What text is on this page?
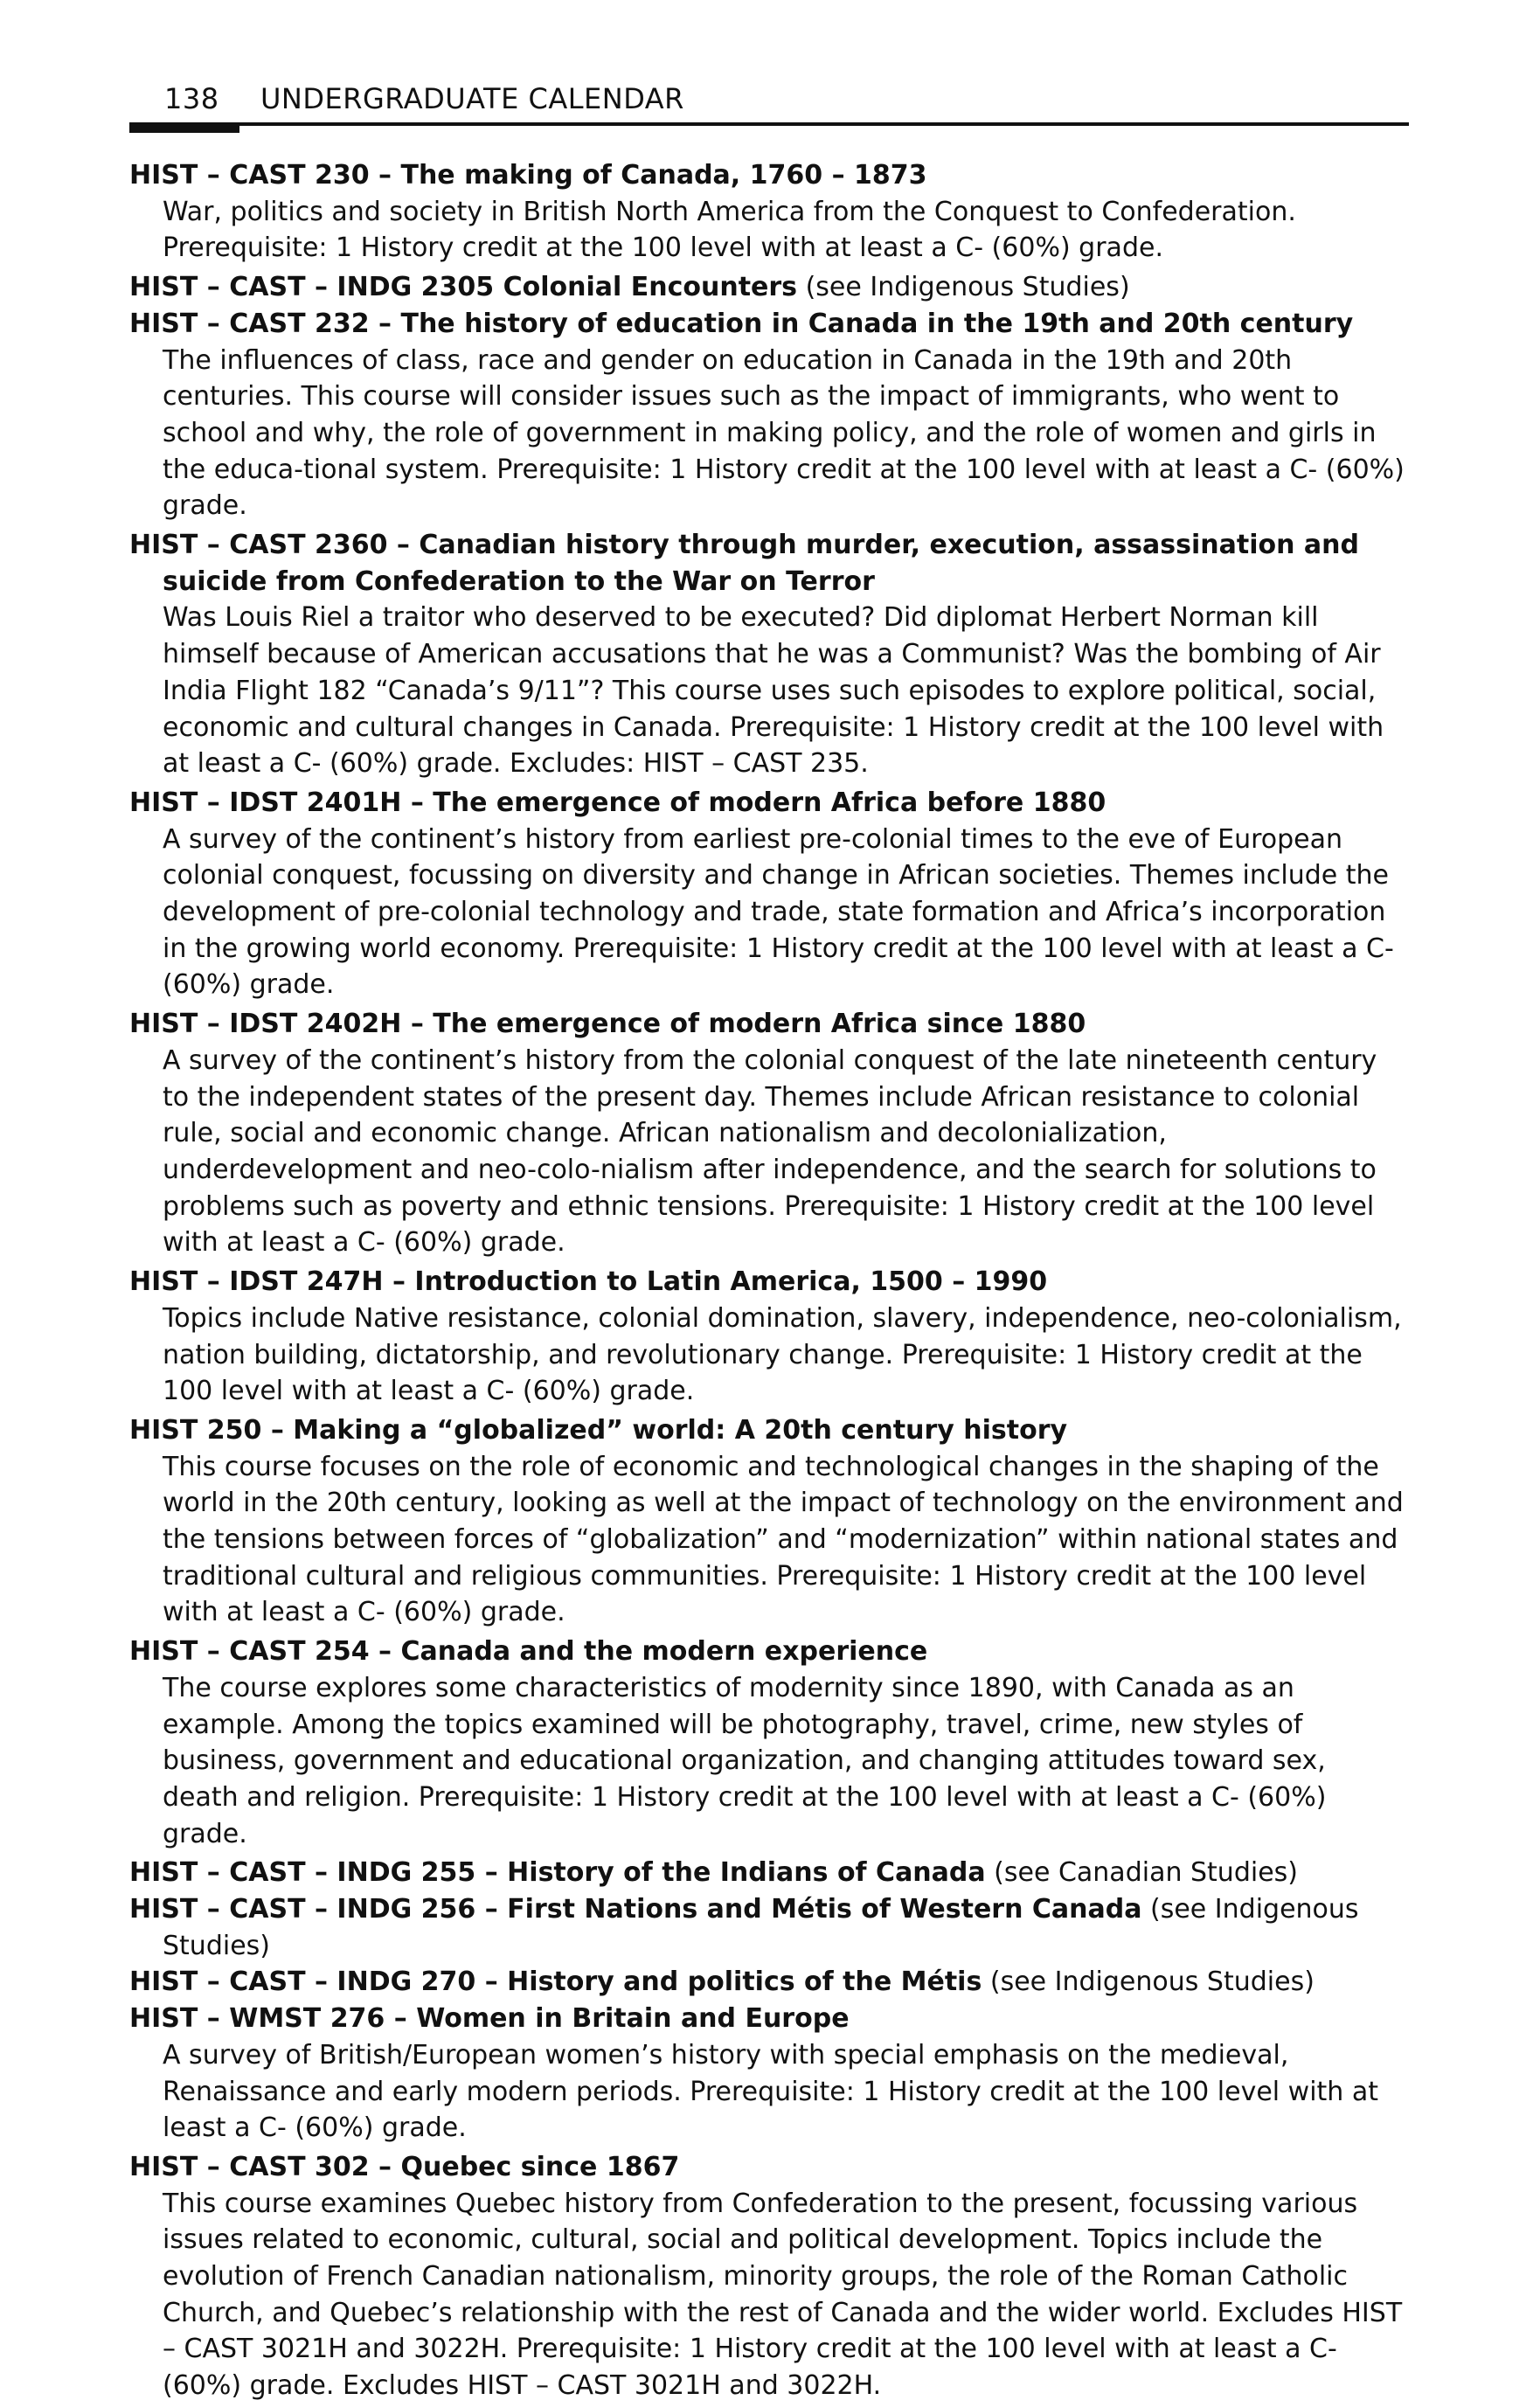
138 UNDERGRADUATE CALENDAR
HIST – CAST 230 – The making of Canada, 1760 – 1873
War, politics and society in British North America from the Conquest to Confederation. Prerequisite: 1 History credit at the 100 level with at least a C- (60%) grade.
HIST – CAST – INDG 2305 Colonial Encounters (see Indigenous Studies)
HIST – CAST 232 – The history of education in Canada in the 19th and 20th century
The influences of class, race and gender on education in Canada in the 19th and 20th centuries. This course will consider issues such as the impact of immigrants, who went to school and why, the role of government in making policy, and the role of women and girls in the educa-tional system. Prerequisite: 1 History credit at the 100 level with at least a C- (60%) grade.
HIST – CAST 2360 – Canadian history through murder, execution, assassination and suicide from Confederation to the War on Terror
Was Louis Riel a traitor who deserved to be executed? Did diplomat Herbert Norman kill himself because of American accusations that he was a Communist? Was the bombing of Air India Flight 182 “Canada’s 9/11”? This course uses such episodes to explore political, social, economic and cultural changes in Canada. Prerequisite: 1 History credit at the 100 level with at least a C- (60%) grade. Excludes: HIST – CAST 235.
HIST – IDST 2401H – The emergence of modern Africa before 1880
A survey of the continent’s history from earliest pre-colonial times to the eve of European colonial conquest, focussing on diversity and change in African societies. Themes include the development of pre-colonial technology and trade, state formation and Africa’s incorporation in the growing world economy. Prerequisite: 1 History credit at the 100 level with at least a C- (60%) grade.
HIST – IDST 2402H – The emergence of modern Africa since 1880
A survey of the continent’s history from the colonial conquest of the late nineteenth century to the independent states of the present day. Themes include African resistance to colonial rule, social and economic change. African nationalism and decolonialization, underdevelopment and neo-colo-nialism after independence, and the search for solutions to problems such as poverty and ethnic tensions. Prerequisite: 1 History credit at the 100 level with at least a C- (60%) grade.
HIST – IDST 247H – Introduction to Latin America, 1500 – 1990
Topics include Native resistance, colonial domination, slavery, independence, neo-colonialism, nation building, dictatorship, and revolutionary change. Prerequisite: 1 History credit at the 100 level with at least a C- (60%) grade.
HIST 250 – Making a “globalized” world: A 20th century history
This course focuses on the role of economic and technological changes in the shaping of the world in the 20th century, looking as well at the impact of technology on the environment and the tensions between forces of “globalization” and “modernization” within national states and traditional cultural and religious communities. Prerequisite: 1 History credit at the 100 level with at least a C- (60%) grade.
HIST – CAST 254 – Canada and the modern experience
The course explores some characteristics of modernity since 1890, with Canada as an example. Among the topics examined will be photography, travel, crime, new styles of business, government and educational organization, and changing attitudes toward sex, death and religion. Prerequisite: 1 History credit at the 100 level with at least a C- (60%) grade.
HIST – CAST – INDG 255 – History of the Indians of Canada (see Canadian Studies)
HIST – CAST – INDG 256 – First Nations and Métis of Western Canada (see Indigenous Studies)
HIST – CAST – INDG 270 – History and politics of the Métis (see Indigenous Studies)
HIST – WMST 276 – Women in Britain and Europe
A survey of British/European women’s history with special emphasis on the medieval, Renaissance and early modern periods. Prerequisite: 1 History credit at the 100 level with at least a C- (60%) grade.
HIST – CAST 302 – Quebec since 1867
This course examines Quebec history from Confederation to the present, focussing various issues related to economic, cultural, social and political development. Topics include the evolution of French Canadian nationalism, minority groups, the role of the Roman Catholic Church, and Quebec’s relationship with the rest of Canada and the wider world. Excludes HIST – CAST 3021H and 3022H. Prerequisite: 1 History credit at the 100 level with at least a C- (60%) grade. Excludes HIST – CAST 3021H and 3022H.
